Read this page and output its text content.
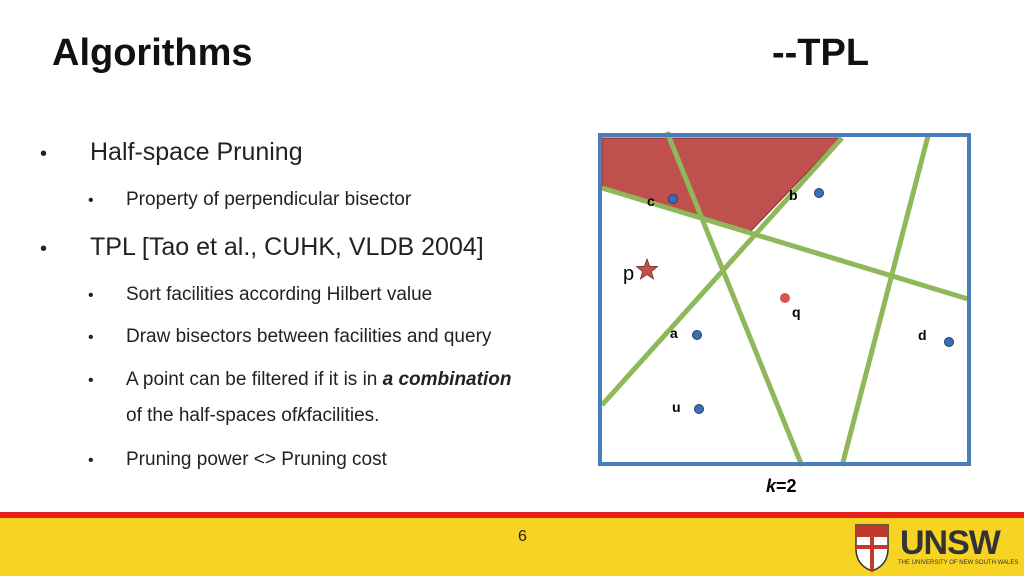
Algorithms	--TPL
•	Half-space Pruning
•	Property of perpendicular bisector
•	TPL [Tao et al., CUHK, VLDB 2004]
•	Sort facilities according Hilbert value
•	Draw bisectors between facilities and query
•	A point can be filtered if it is in a combination
of the half-spaces of k facilities.
•	Pruning power <> Pruning cost
c	b
p
q
a	d
u
k=2
6	UNSW
THE UNIVERSITY OF NEW SOUTH WALES
